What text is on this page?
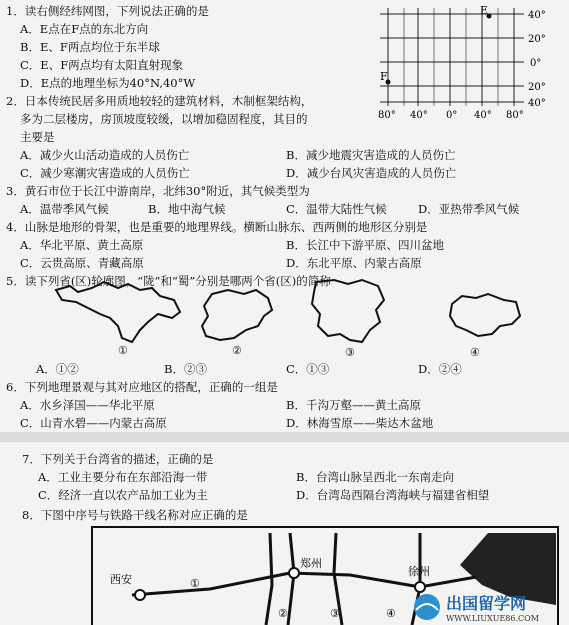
1．读右侧经纬网图，下列说法正确的是
A．E点在F点的东北方向
B．E、F两点均位于东半球
C．E、F两点均有太阳直射现象
D．E点的地理坐标为40°N,40°W
E
F
40°
20°
0°
20°
40°
80° 40° 0° 40° 80°
2．日本传统民居多用质地较轻的建筑材料，木制框架结构，
多为二层楼房，房顶坡度较缓，以增加稳固程度，其目的
主要是
A．减少火山活动造成的人员伤亡	B．减少地震灾害造成的人员伤亡
C．减少寒潮灾害造成的人员伤亡	D．减少台风灾害造成的人员伤亡
3．黄石市位于长江中游南岸，北纬30°附近，其气候类型为
A．温带季风气候	B．地中海气候	C．温带大陆性气候	D．亚热带季风气候
4．山脉是地形的骨架，也是重要的地理界线。横断山脉东、西两侧的地形区分别是
A．华北平原、黄土高原	B．长江中下游平原、四川盆地
C．云贵高原、青藏高原	D．东北平原、内蒙古高原
5．读下列省(区)轮廓图，“陇”和“蜀”分别是哪两个省(区)的简称
①	②	③	④
A．①②	B．②③	C．①③	D．②④
6．下列地理景观与其对应地区的搭配，正确的一组是
A．水乡泽国——华北平原	B．千沟万壑——黄土高原
C．山青水碧——内蒙古高原	D．林海雪原——柴达木盆地
7．下列关于台湾省的描述，正确的是
A．工业主要分布在东部沿海一带	B．台湾山脉呈西北一东南走向
C．经济一直以农产品加工业为主	D．台湾岛西隔台湾海峡与福建省相望
8．下图中序号与铁路干线名称对应正确的是
西安
郑州
徐州
东
①
②	③	④
出国留学网
WWW.LIUXUE86.COM
